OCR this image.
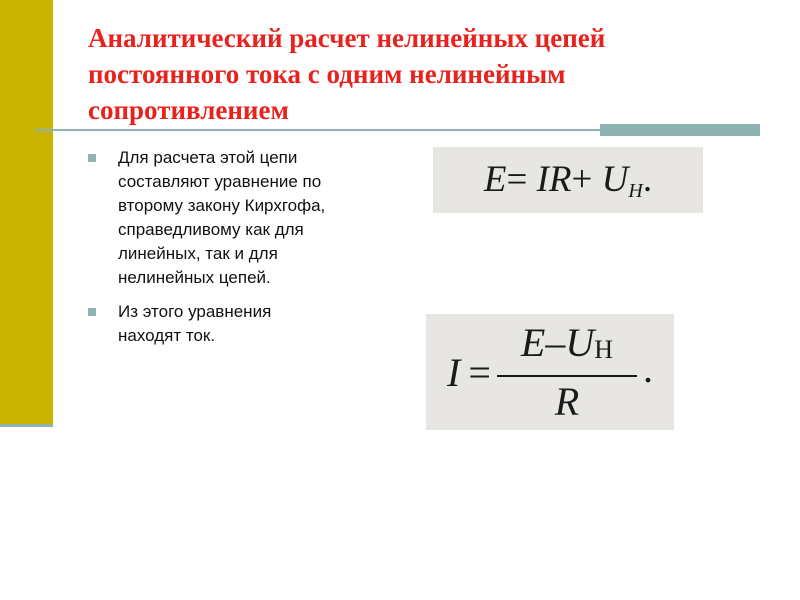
Аналитический расчет нелинейных цепей
постоянного тока с одним нелинейным
сопротивлением
Для расчета этой цепи
составляют уравнение по
второму закону Кирхгофа,
справедливому как для
линейных, так и для
нелинейных цепей.
Из этого уравнения
находят ток.
$E= IR+ U_H$.
$I = \frac{E-UН}{R}$ .
